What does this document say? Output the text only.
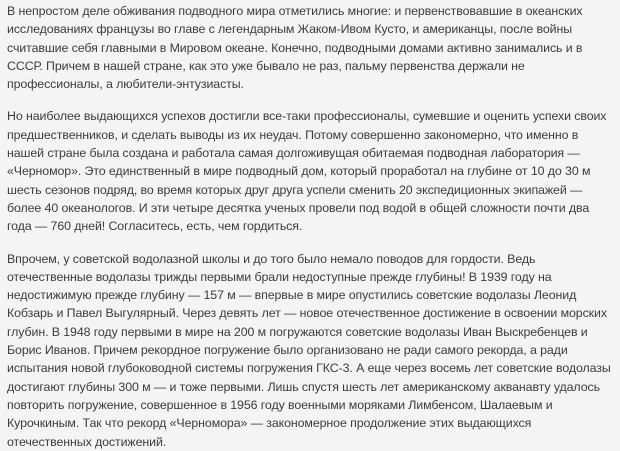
В непростом деле обживания подводного мира отметились многие: и первенствовавшие в океанских исследованиях французы во главе с легендарным Жаком-Ивом Кусто, и американцы, после войны считавшие себя главными в Мировом океане. Конечно, подводными домами активно занимались и в СССР. Причем в нашей стране, как это уже бывало не раз, пальму первенства держали не профессионалы, а любители-энтузиасты.

Но наиболее выдающихся успехов достигли все-таки профессионалы, сумевшие и оценить успехи своих предшественников, и сделать выводы из их неудач. Потому совершенно закономерно, что именно в нашей стране была создана и работала самая долгоживущая обитаемая подводная лаборатория — «Черномор». Это единственный в мире подводный дом, который проработал на глубине от 10 до 30 м шесть сезонов подряд, во время которых друг друга успели сменить 20 экспедиционных экипажей — более 40 океанологов. И эти четыре десятка ученых провели под водой в общей сложности почти два года — 760 дней! Согласитесь, есть, чем гордиться.

Впрочем, у советской водолазной школы и до того было немало поводов для гордости. Ведь отечественные водолазы трижды первыми брали недоступные прежде глубины! В 1939 году на недостижимую прежде глубину — 157 м — впервые в мире опустились советские водолазы Леонид Кобзарь и Павел Выгулярный. Через девять лет — новое отечественное достижение в освоении морских глубин. В 1948 году первыми в мире на 200 м погружаются советские водолазы Иван Выскребенцев и Борис Иванов. Причем рекордное погружение было организовано не ради самого рекорда, а ради испытания новой глубоководной системы погружения ГКС-3. А еще через восемь лет советские водолазы достигают глубины 300 м — и тоже первыми. Лишь спустя шесть лет американскому акванавту удалось повторить погружение, совершенное в 1956 году военными моряками Лимбенсом, Шалаевым и Курочкиным. Так что рекорд «Черномора» — закономерное продолжение этих выдающихся отечественных достижений.
